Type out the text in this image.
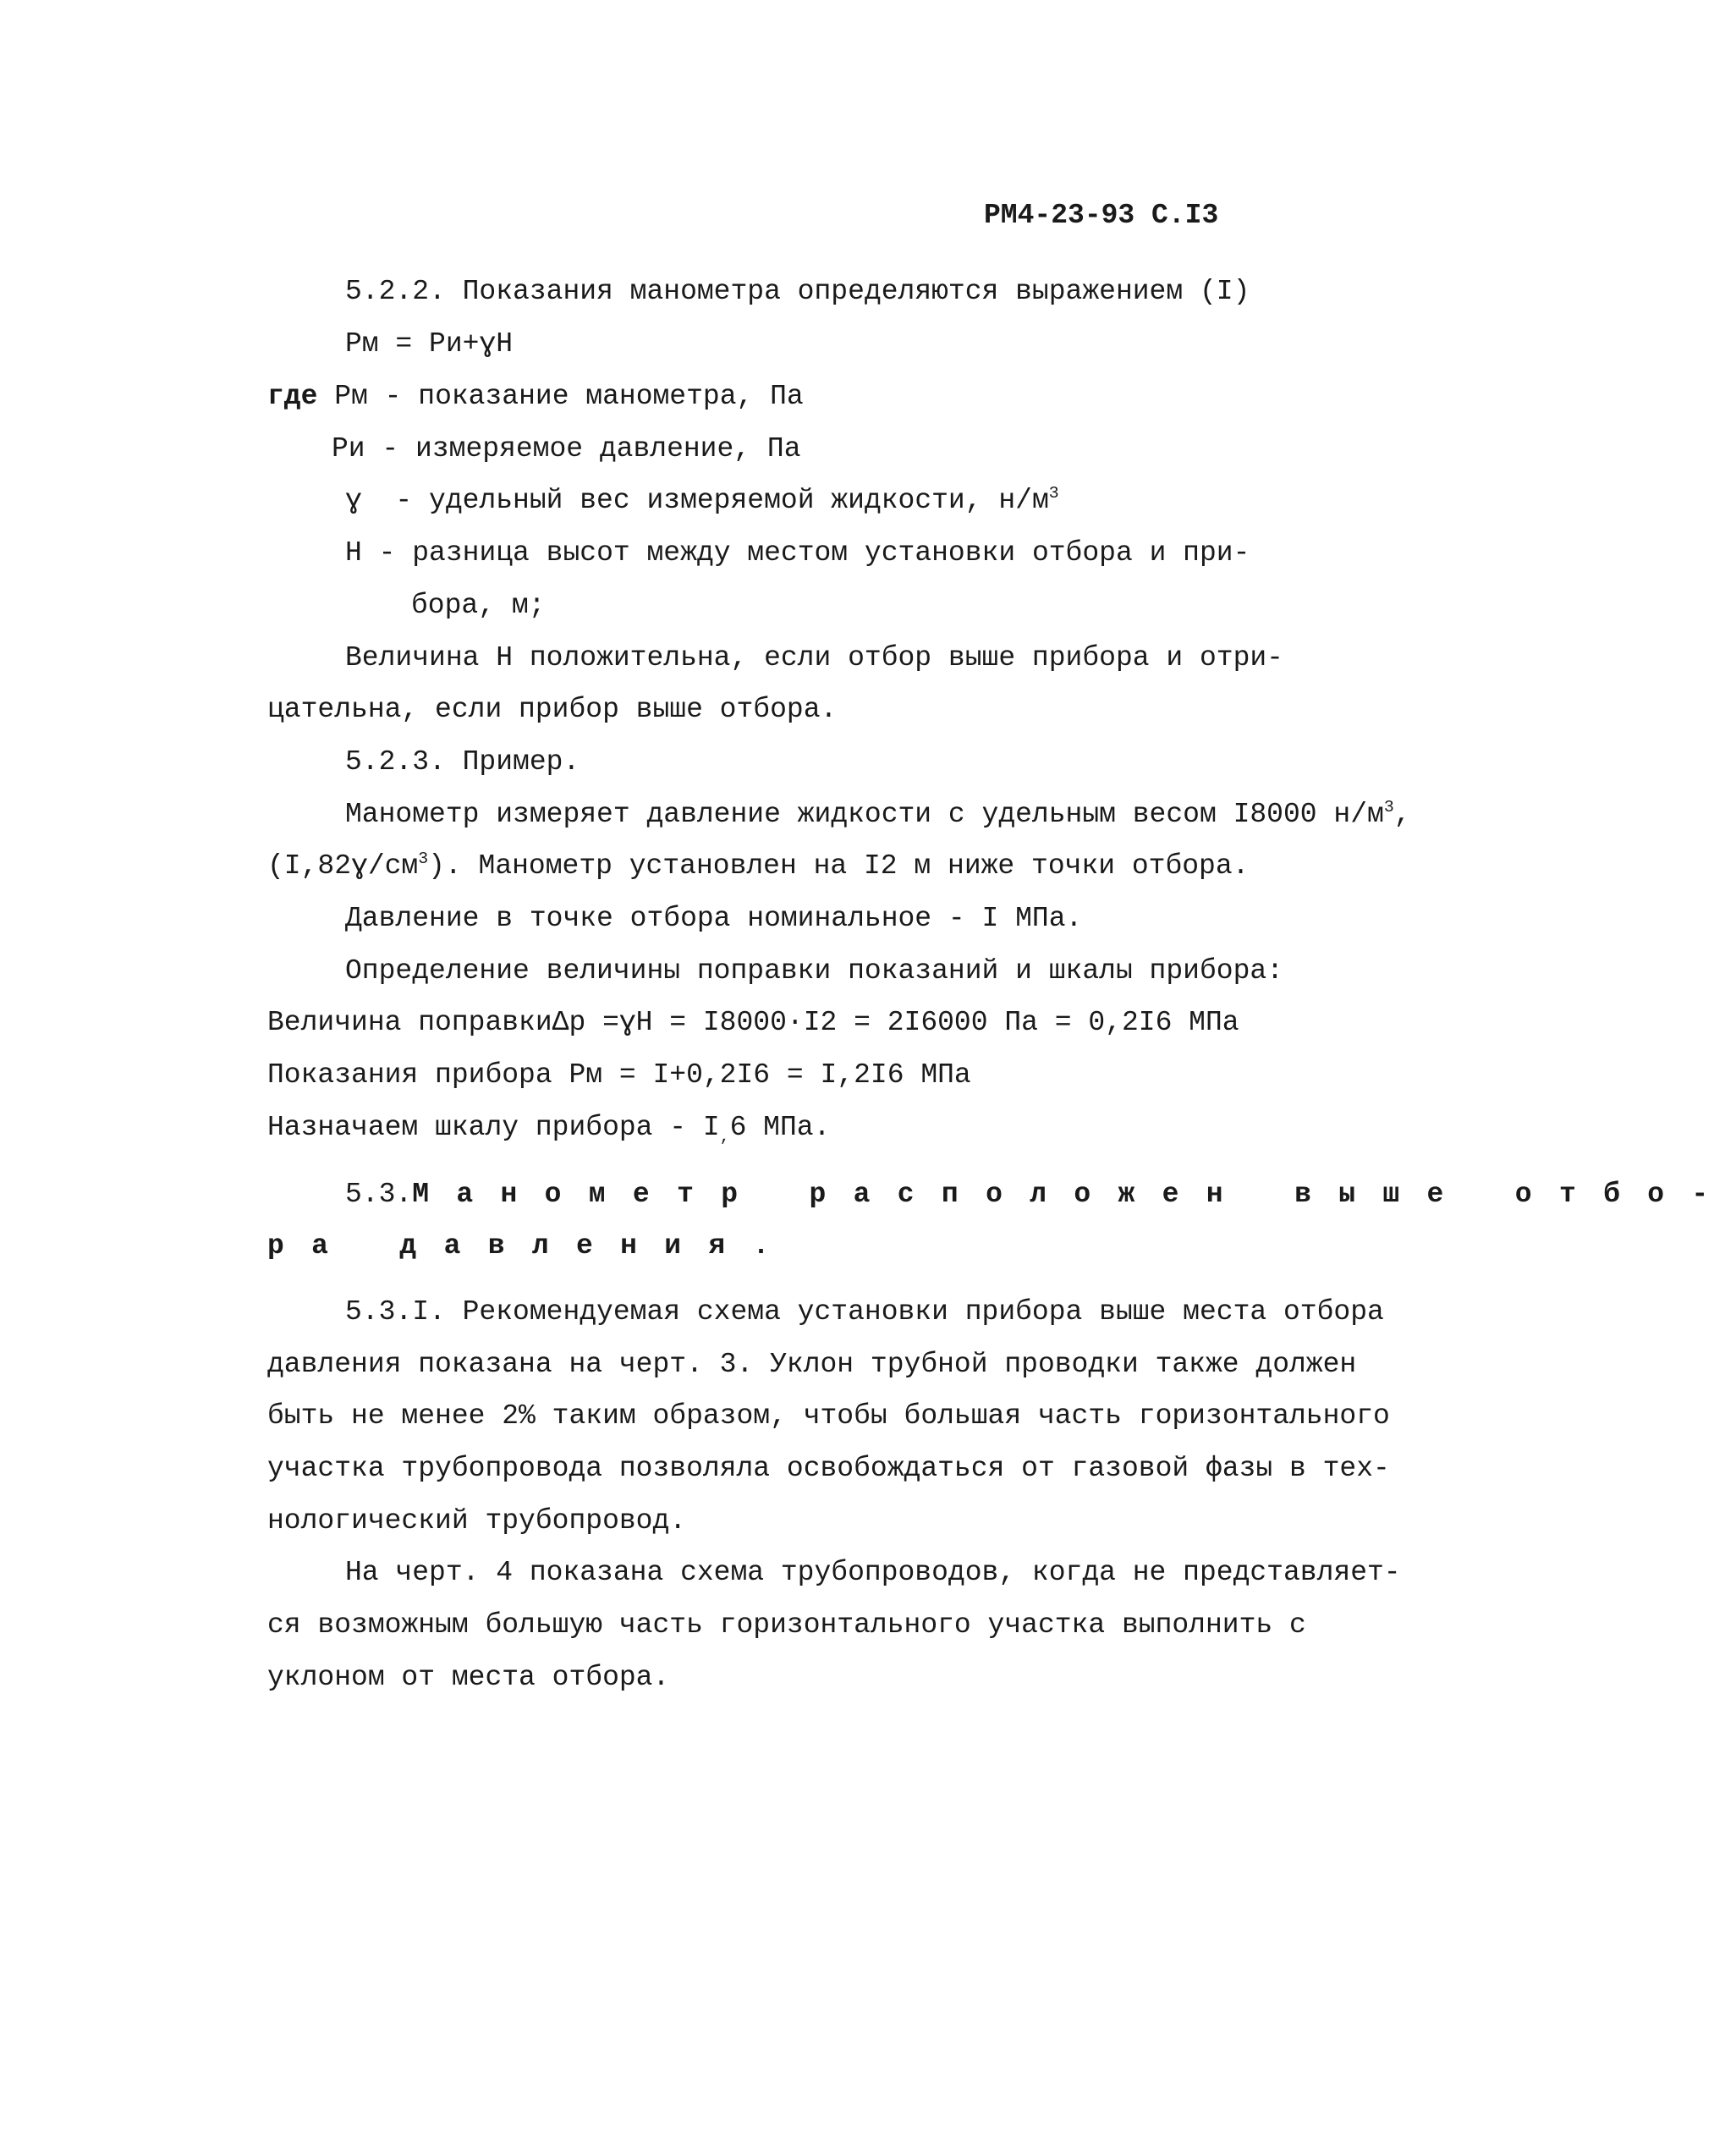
РМ4-23-93 С.I3
5.2.2. Показания манометра определяются выражением (I)
Рм = Ри+ɣН
где Рм - показание манометра, Па
Ри - измеряемое давление, Па
ɣ - удельный вес измеряемой жидкости, $н/м^3$
Н - разница высот между местом установки отбора и при-
бора, м;
Величина Н положительна, если отбор выше прибора и отри-
цательна, если прибор выше отбора.
5.2.3. Пример.
Манометр измеряет давление жидкости с удельным весом I8000 $н/м^3$,
$(I,82ɣ/см^3)$. Манометр установлен на I2 м ниже точки отбора.
Давление в точке отбора номинальное - I МПа.
Определение величины поправки показаний и шкалы прибора:
Величина поправкиΔр =ɣН = I8000·I2 = 2I6000 Па = 0,2I6 МПа
Показания прибора Рм = I+0,2I6 = I,2I6 МПа
Назначаем шкалу прибора - $I_,6$ МПа.
5.3.Манометр расположен выше отбо-
ра давления.
5.3.I. Рекомендуемая схема установки прибора выше места отбора
давления показана на черт. 3. Уклон трубной проводки также должен
быть не менее 2% таким образом, чтобы большая часть горизонтального
участка трубопровода позволяла освобождаться от газовой фазы в тех-
нологический трубопровод.
На черт. 4 показана схема трубопроводов, когда не представляет-
ся возможным большую часть горизонтального участка выполнить с
уклоном от места отбора.
